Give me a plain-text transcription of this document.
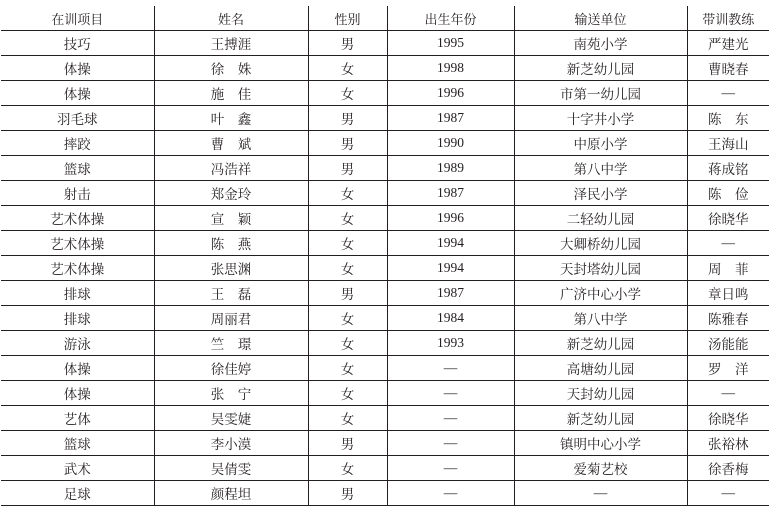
在训项目	姓名	性别	出生年份	输送单位	带训教练
技巧	王搏涯	男	1995	南苑小学	严建光
体操	徐　姝	女	1998	新芝幼儿园	曹晓春
体操	施　佳	女	1996	市第一幼儿园	—
羽毛球	叶　鑫	男	1987	十字井小学	陈　东
摔跤	曹　斌	男	1990	中原小学	王海山
篮球	冯浩祥	男	1989	第八中学	蒋成铭
射击	郑金玲	女	1987	泽民小学	陈　俭
艺术体操	宣　颖	女	1996	二轻幼儿园	徐晓华
艺术体操	陈　燕	女	1994	大卿桥幼儿园	—
艺术体操	张思渊	女	1994	天封塔幼儿园	周　菲
排球	王　磊	男	1987	广济中心小学	章日鸣
排球	周丽君	女	1984	第八中学	陈雅春
游泳	竺　璟	女	1993	新芝幼儿园	汤能能
体操	徐佳婷	女	—	高塘幼儿园	罗　洋
体操	张　宁	女	—	天封幼儿园	—
艺体	吴雯婕	女	—	新芝幼儿园	徐晓华
篮球	李小漠	男	—	镇明中心小学	张裕林
武术	吴倩雯	女	—	爱菊艺校	徐香梅
足球	颜程坦	男	—	—	—
